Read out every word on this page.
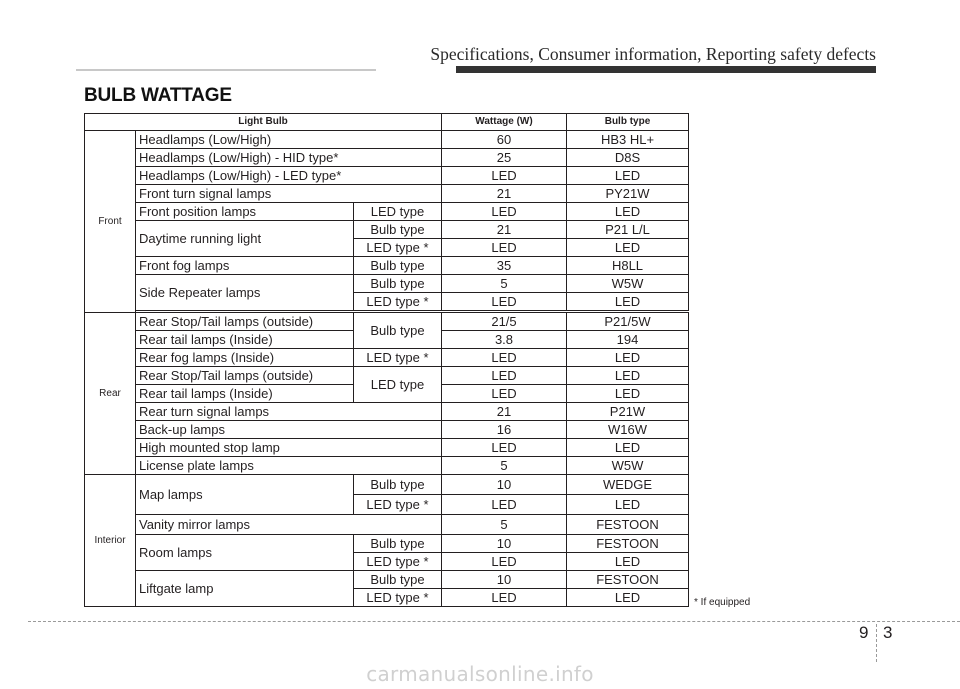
Specifications, Consumer information, Reporting safety defects
BULB WATTAGE
Light Bulb			Wattage (W)	Bulb type
Front	Headlamps (Low/High)		60	HB3 HL+
	Headlamps (Low/High) - HID type*		25	D8S
	Headlamps (Low/High) - LED type*		LED	LED
	Front turn signal lamps		21	PY21W
	Front position lamps	LED type	LED	LED
	Daytime running light	Bulb type	21	P21 L/L
		LED type *	LED	LED
	Front fog lamps	Bulb type	35	H8LL
	Side Repeater lamps	Bulb type	5	W5W
		LED type *	LED	LED

Rear	Rear Stop/Tail lamps (outside)	Bulb type	21/5	P21/5W
	Rear tail lamps (Inside)		3.8	194
	Rear fog lamps (Inside)	LED type *	LED	LED
	Rear Stop/Tail lamps (outside)	LED type	LED	LED
	Rear tail lamps (Inside)		LED	LED
	Rear turn signal lamps		21	P21W
	Back-up lamps		16	W16W
	High mounted stop lamp		LED	LED
	License plate lamps		5	W5W
Interior	Map lamps	Bulb type	10	WEDGE
		LED type *	LED	LED
	Vanity mirror lamps		5	FESTOON
	Room lamps	Bulb type	10	FESTOON
		LED type *	LED	LED
	Liftgate lamp	Bulb type	10	FESTOON
		LED type *	LED	LED	* If equipped
9 3
carmanualsonline.info
